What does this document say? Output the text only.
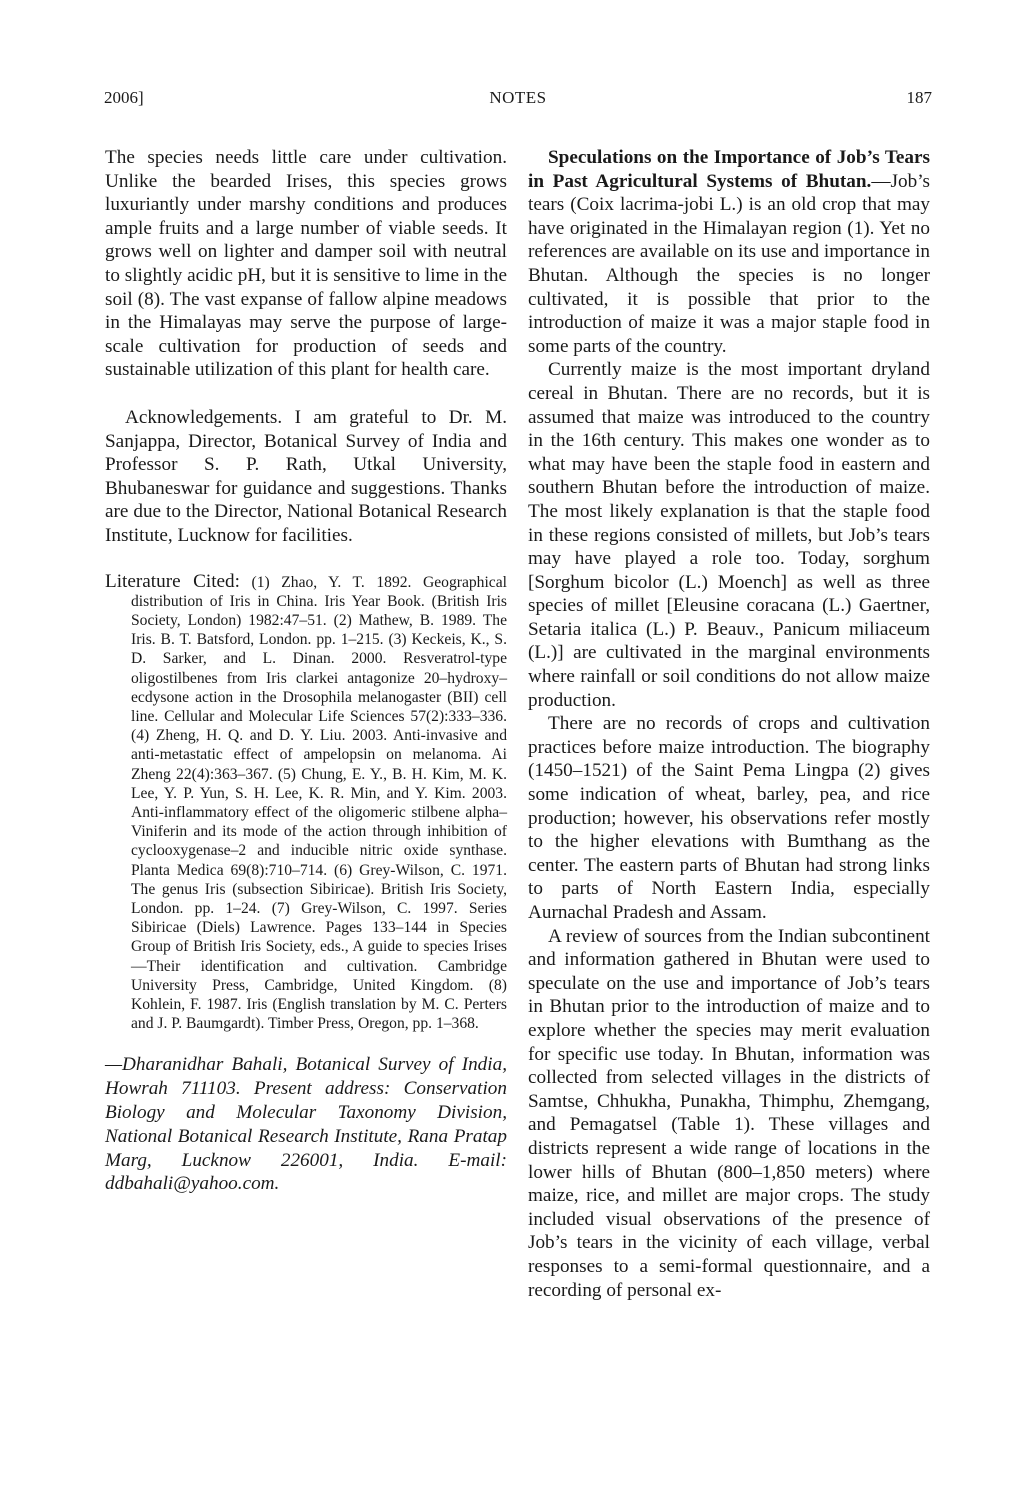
2006]	NOTES	187

The species needs little care under cultivation. Unlike the bearded Irises, this species grows luxuriantly under marshy conditions and produces ample fruits and a large number of viable seeds. It grows well on lighter and damper soil with neutral to slightly acidic pH, but it is sensitive to lime in the soil (8). The vast expanse of fallow alpine meadows in the Himalayas may serve the purpose of large-scale cultivation for production of seeds and sustainable utilization of this plant for health care.

Acknowledgements. I am grateful to Dr. M. Sanjappa, Director, Botanical Survey of India and Professor S. P. Rath, Utkal University, Bhubaneswar for guidance and suggestions. Thanks are due to the Director, National Botanical Research Institute, Lucknow for facilities.

Literature Cited: (1) Zhao, Y. T. 1892. Geographical distribution of Iris in China. Iris Year Book. (British Iris Society, London) 1982:47–51. (2) Mathew, B. 1989. The Iris. B. T. Batsford, London. pp. 1–215. (3) Keckeis, K., S. D. Sarker, and L. Dinan. 2000. Resveratrol-type oligostilbenes from Iris clarkei antagonize 20–hydroxy–ecdysone action in the Drosophila melanogaster (BII) cell line. Cellular and Molecular Life Sciences 57(2):333–336. (4) Zheng, H. Q. and D. Y. Liu. 2003. Anti-invasive and anti-metastatic effect of ampelopsin on melanoma. Ai Zheng 22(4):363–367. (5) Chung, E. Y., B. H. Kim, M. K. Lee, Y. P. Yun, S. H. Lee, K. R. Min, and Y. Kim. 2003. Anti-inflammatory effect of the oligomeric stilbene alpha–Viniferin and its mode of the action through inhibition of cyclooxygenase–2 and inducible nitric oxide synthase. Planta Medica 69(8):710–714. (6) Grey-Wilson, C. 1971. The genus Iris (subsection Sibiricae). British Iris Society, London. pp. 1–24. (7) Grey-Wilson, C. 1997. Series Sibiricae (Diels) Lawrence. Pages 133–144 in Species Group of British Iris Society, eds., A guide to species Irises—Their identification and cultivation. Cambridge University Press, Cambridge, United Kingdom. (8) Kohlein, F. 1987. Iris (English translation by M. C. Perters and J. P. Baumgardt). Timber Press, Oregon, pp. 1–368.

—Dharanidhar Bahali, Botanical Survey of India, Howrah 711103. Present address: Conservation Biology and Molecular Taxonomy Division, National Botanical Research Institute, Rana Pratap Marg, Lucknow 226001, India. E-mail: ddbahali@yahoo.com.

Speculations on the Importance of Job’s Tears in Past Agricultural Systems of Bhutan.—Job’s tears (Coix lacrima-jobi L.) is an old crop that may have originated in the Himalayan region (1). Yet no references are available on its use and importance in Bhutan. Although the species is no longer cultivated, it is possible that prior to the introduction of maize it was a major staple food in some parts of the country.

Currently maize is the most important dryland cereal in Bhutan. There are no records, but it is assumed that maize was introduced to the country in the 16th century. This makes one wonder as to what may have been the staple food in eastern and southern Bhutan before the introduction of maize. The most likely explanation is that the staple food in these regions consisted of millets, but Job’s tears may have played a role too. Today, sorghum [Sorghum bicolor (L.) Moench] as well as three species of millet [Eleusine coracana (L.) Gaertner, Setaria italica (L.) P. Beauv., Panicum miliaceum (L.)] are cultivated in the marginal environments where rainfall or soil conditions do not allow maize production.

There are no records of crops and cultivation practices before maize introduction. The biography (1450–1521) of the Saint Pema Lingpa (2) gives some indication of wheat, barley, pea, and rice production; however, his observations refer mostly to the higher elevations with Bumthang as the center. The eastern parts of Bhutan had strong links to parts of North Eastern India, especially Aurnachal Pradesh and Assam.

A review of sources from the Indian subcontinent and information gathered in Bhutan were used to speculate on the use and importance of Job’s tears in Bhutan prior to the introduction of maize and to explore whether the species may merit evaluation for specific use today. In Bhutan, information was collected from selected villages in the districts of Samtse, Chhukha, Punakha, Thimphu, Zhemgang, and Pemagatsel (Table 1). These villages and districts represent a wide range of locations in the lower hills of Bhutan (800–1,850 meters) where maize, rice, and millet are major crops. The study included visual observations of the presence of Job’s tears in the vicinity of each village, verbal responses to a semi-formal questionnaire, and a recording of personal ex-
